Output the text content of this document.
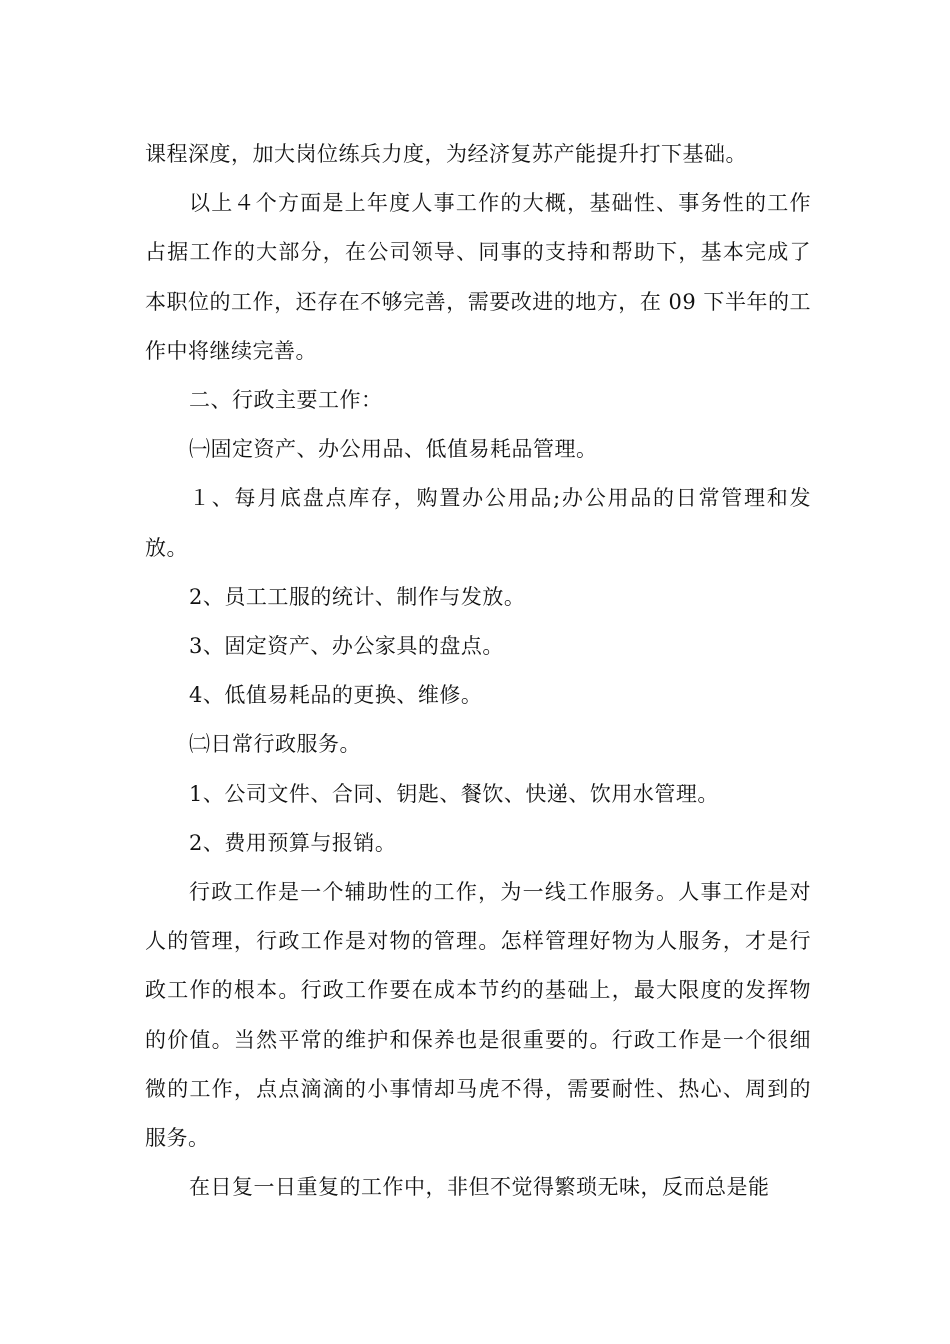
课程深度，加大岗位练兵力度，为经济复苏产能提升打下基础。

以上４个方面是上年度人事工作的大概，基础性、事务性的工作占据工作的大部分，在公司领导、同事的支持和帮助下，基本完成了本职位的工作，还存在不够完善，需要改进的地方，在 09 下半年的工作中将继续完善。

二、行政主要工作：

㈠固定资产、办公用品、低值易耗品管理。

１、每月底盘点库存，购置办公用品;办公用品的日常管理和发放。

2、员工工服的统计、制作与发放。

3、固定资产、办公家具的盘点。

4、低值易耗品的更换、维修。

㈡日常行政服务。

1、公司文件、合同、钥匙、餐饮、快递、饮用水管理。

2、费用预算与报销。

行政工作是一个辅助性的工作，为一线工作服务。人事工作是对人的管理，行政工作是对物的管理。怎样管理好物为人服务，才是行政工作的根本。行政工作要在成本节约的基础上，最大限度的发挥物的价值。当然平常的维护和保养也是很重要的。行政工作是一个很细微的工作，点点滴滴的小事情却马虎不得，需要耐性、热心、周到的服务。

在日复一日重复的工作中，非但不觉得繁琐无味，反而总是能
